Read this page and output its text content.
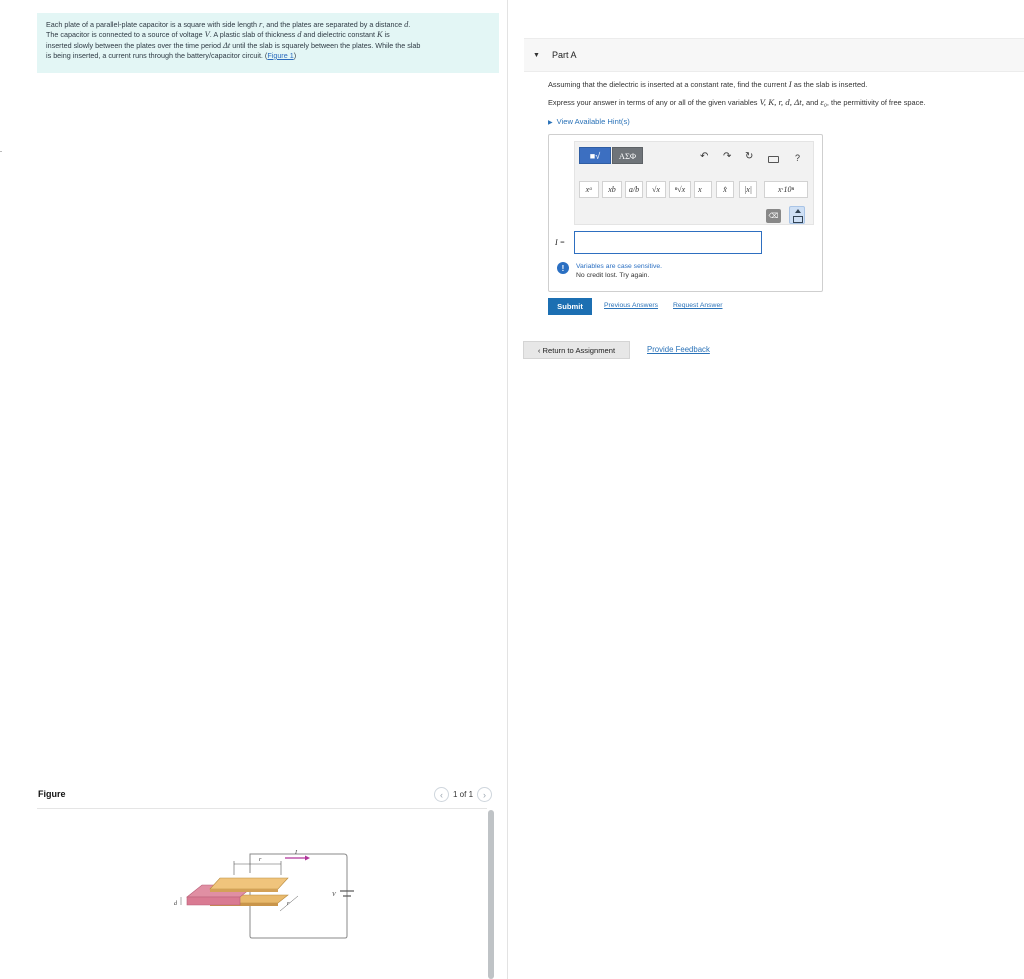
Each plate of a parallel-plate capacitor is a square with side length r, and the plates are separated by a distance d.
The capacitor is connected to a source of voltage V. A plastic slab of thickness d and dielectric constant K is
inserted slowly between the plates over the time period Δt until the slab is squarely between the plates. While the slab
is being inserted, a current runs through the battery/capacitor circuit. (Figure 1)
Figure	‹	1 of 1	›
r
I
r
d
V
▼ Part A
Assuming that the dielectric is inserted at a constant rate, find the current I as the slab is inserted.
Express your answer in terms of any or all of the given variables V, K, r, d, Δt, and ε₀, the permittivity of free space.
▶ View Available Hint(s)
■√	ΑΣΦ	↶ ↷ ↻	?
xᵃ	xb	a/b	√x	ⁿ√x	x⃗	x̂	|x|	x·10ⁿ
⌫
I =
!	Variables are case sensitive.
No credit lost. Try again.
Submit	Previous Answers Request Answer
‹ Return to Assignment	Provide Feedback
